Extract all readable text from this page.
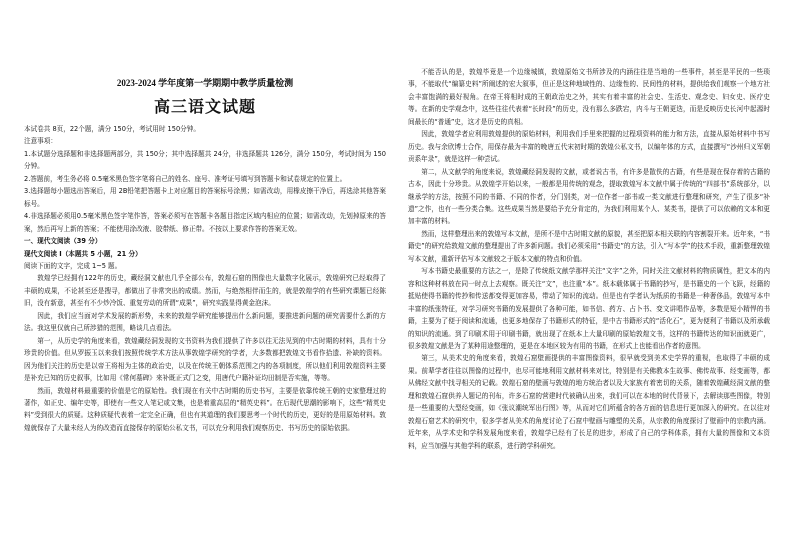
2023-2024 学年度第一学期期中教学质量检测
高三语文试题

本试卷共 8页，22个题，满分 150分，考试用时 150分钟。

注意事项：

1.本试题分选择题和非选择题两部分，共 150分；其中选择题共 24分，非选择题共 126分，满分 150分，考试时间为 150分钟。

2.答题前，考生务必将 0.5毫米黑色签字笔将自己的姓名、座号、准考证号填写到答题卡和试卷规定的位置上。

3.选择题每小题选出答案后，用 2B铅笔把答题卡上对应题目的答案标号涂黑；如需改动，用橡皮擦干净后，再选涂其他答案标号。

4.非选择题必须用0.5毫米黑色签字笔作答，答案必须写在答题卡各题目指定区域内相应的位置；如需改动，先划掉原来的答案，然后再写上新的答案；不能使用涂改液、胶带纸、修正带。不按以上要求作答的答案无效。

一、现代文阅读（39 分）

现代文阅读 I（本题共 5 小题，21 分）

阅读下面的文字，完成 1~5 题。

敦煌学已经拥有122年的历史，藏经洞文献也几乎全部公布，敦煌石窟的图像也大量数字化展示，敦煌研究已经取得了丰硕的成果，不论甚至还是搜寻，都做出了非常突出的成绩。然而，与绝然相伴而生的，就是敦煌学的有些研究课题已经陈旧，没有新意，甚至有不少炒冷饭、重复劳动的所谓“成果”，研究实践显得黄金泡沫。

因此，我们应当面对学术发展的新形势，未来的敦煌学研究能够提出什么新问题，要推进新问题的研究需要什么新的方法。我这里仅就自己所涉猎的范围，略谈几点看法。

第一，从历史学的角度来看，敦煌藏经洞发现的文书资料为我们提供了许多以往无法见到的中古时期的材料，具有十分珍贵的价值。但从罗振玉以来我们按照传统学术方法从事敦煌学研究的学者，大多数都把敦煌文书看作拾遗、补缺的资料。因为他们关注的历史是以帝王将相为主体的政治史，以及在传统王朝体系范围之内的各项制度，所以他们利用敦煌资料主要是补充已知的历史叙事，比如用《常何墓碑》来补既正式门之变，用唐代户籍补证均田制是否实施，等等。

然而，敦煌材料最重要的价值是它的原始性。我们现在有关中古时期的历史书写，主要是依靠传统王朝的史家整理过的著作，如正史、编年史等，即使有一些文人笔记或文集，也是着重高层的“精英史料”。在后现代思潮的影响下，这些“精英史料”受到很大的质疑。这种质疑代表着一定完全正确，但也有其道理的我们要思考一个时代的历史，更好的是用原始材料。敦煌就保存了大量未经人为的改造而直接保存的原始公私文书，可以充分利用我们观察历史、书写历史的原始依据。

不能否认的是，敦煌毕竟是一个边缘城镇，敦煌原始文书所涉及的内涵往往是当地的一些事件，甚至是平民的一些琐事，不能取代“编纂史料”所阐述的宏大叙事，但正是这种地域性的、边缘性的、民间性的材料，提供给我们观察一个地方社会丰富饱满的最好视角。在帝王将相时成的王朝政治史之外，其实有着丰富的社会史、生活史、观念史、妇女史、医疗史等。在新的史学观念中，这些往往代表着“长时段”的历史，没有那么多跌宕，内斗与王朝更迭，而是反映历史长河中起源时间最长的“普通”史，这才是历史的真相。

因此，敦煌学者应利用敦煌提供的原始材料，利用我们手里来把握的过程项资料的能力和方法，直接从原始材料中书写历史。我与余欣博士合作，用保存最为丰富的晚唐五代宋初时期的敦煌公私文书，以编年体的方式，直接撰写“沙州归义军朝贡系年录”，就是这样一种尝试。

第二，从文献学的角度来说，敦煌藏经洞发现的文献，或者说古书，有许多是散佚的古籍，有些是现在保存着的古籍的古本，因此十分珍贵。从敦煌学开始以来，一般都是用传统的观念，提取敦煌写本文献中属于传统的“四部书”系统部分，以继承学的方法，按照不同的书籍、不同的作者，分门别类，对一位作者一部书或一类文献进行整理和研究，产生了很多“补遗”之作，也有一些分类合集。这些成果当然是要给予充分肯定的，为我们利用某个人、某类书，提供了可以依赖的文本和更加丰富的材料。

然而，这样整理出来的敦煌写本文献，是所不是中古时期文献的原貌，甚至把原本相关联的内容割裂开来。近年来，“书籍史”的研究给敦煌文献的整理提出了许多新问题。我们必须采用“书籍史”的方法，引入“写本学”的技术手段，重新整理敦煌写本文献，重新评估写本文献较之于版本文献的特点和价值。

写本书籍史最重要的方法之一，是除了传统纸文献学那样关注“文字”之外，同时关注文献材料的物质属性，把文本的内容和这种材料放在同一时点上去观察。既关注“文”，也注重“本”。纸本载体属于书籍的抄写，是书籍史的一个飞跃，经籍的抵贴使得书籍的传抄和传送都变得更加容易，带动了知识的流动。但是也有学者认为纸质的书籍是一种奢侈品，敦煌写本中丰富的纸张特征，对学习研究书籍的发展提供了各种可能，如书信、药方、占卜书、变文讲唱作品等，多数是短小精悍的书籍，主要为了便于阅读和流通，也更多地保存了书籍形式的特征，是中古书籍形式的“活化石”，更为便利了书籍以及所承载的知识的流通。到了印刷术用于印刷书籍，就出现了在纸本上大量印刷的原始敦煌文书，这样的书籍传达的知识面就更广，很多敦煌文献是为了某种用途整理的，更是在本地区较为有用的书籍，在形式上也能看出作者的意图。

第三，从美术史的角度来看，敦煌石窟壁画提供的丰富图像资料，很早就受到美术史学界的重视，也取得了丰硕的成果。前辈学者往往以图像的过程中，也尽可能地利用文献材料来对比，特别是有关佛教本生故事、佛传故事、经变画等，都从佛经文献中找寻相关的记载。敦煌石窟的壁画与敦煌的地方统治者以及大家族有着密切的关系，随着敦煌藏经洞文献的整理和敦煌石窟供养人题记的刊布，许多石窟的营建时代被确认出来，我们可以在本地的时代背景下，去解读那些图像，特别是一些重要的大型经变画，如《张议潮统军出行图》等，从而对它们所蕴含的各方面的信息进行更加深入的研究。在以往对敦煌石窟艺术的研究中，很多学者从美术的角度讨论了石窟中壁画与雕塑的关系，从宗教的角度探讨了壁画中的宗教内涵。近年来，从学术史和学科发展角度来看，敦煌学已经有了长足的进步，形成了自己的学科体系，拥有大量的图像和文本资料，应当加强与其他学科的联系，进行跨学科研究。
